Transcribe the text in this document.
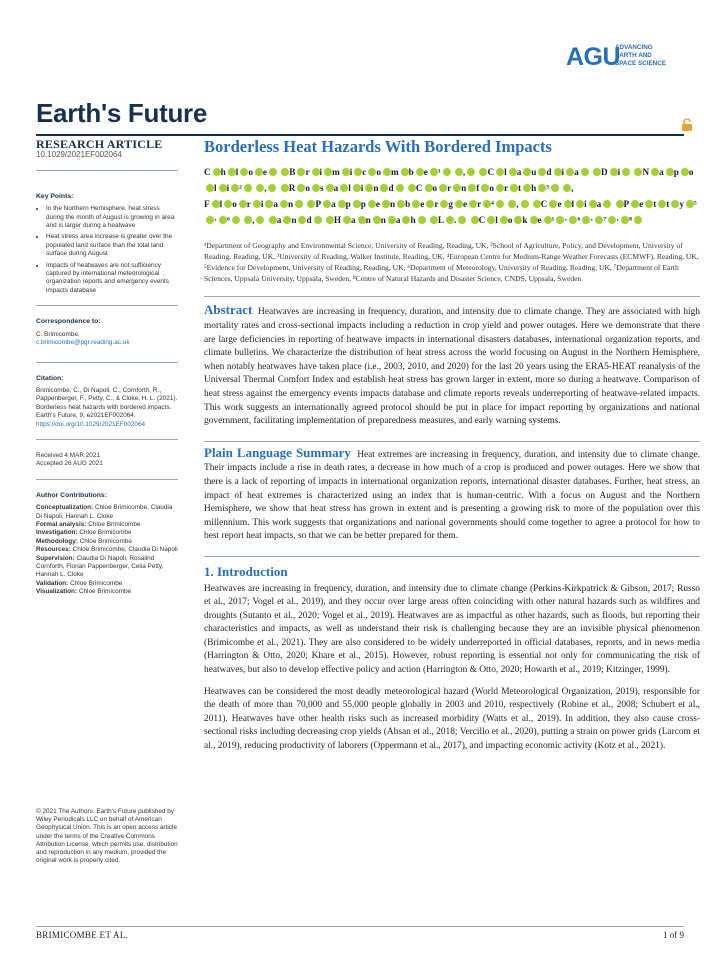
AGU
ADVANCING
EARTH AND
SPACE SCIENCE
Earth's Future
RESEARCH ARTICLE
10.1029/2021EF002064
Key Points:
• In the Northern Hemisphere, heat stress during the month of August is growing in area and is larger during a heatwave
• Heat stress area increase is greater over the populated land surface than the total land surface during August
• Impacts of heatwaves are not sufficiency captured by international meteorological organization reports and emergency events impacts database
Correspondence to:
C. Brimicombe,
c.brimicombe@pgr.reading.ac.uk
Citation:
Brimicombe, C., Di Napoli, C., Cornforth, R., Pappenberger, F., Petty, C., & Cloke, H. L. (2021). Borderless heat hazards with bordered impacts. Earth's Future, 9, e2021EF002064.
https://doi.org/10.1029/2021EF002064
Received 4 MAR 2021
Accepted 26 AUG 2021
Author Contributions:
Conceptualization: Chloe Brimicombe, Claudia Di Napoli, Hannah L. Cloke
Formal analysis: Chloe Brimicombe
Investigation: Chloe Brimicombe
Methodology: Chloe Brimicombe
Resources: Chloe Brimicombe, Claudia Di Napoli
Supervision: Claudia Di Napoli, Rosalind Cornforth, Florian Pappenberger, Celia Petty, Hannah L. Cloke
Validation: Chloe Brimicombe
Visualization: Chloe Brimicombe
© 2021 The Authors. Earth's Future published by Wiley Periodicals LLC on behalf of American Geophysical Union. This is an open access article under the terms of the Creative Commons Attribution License, which permits use, distribution and reproduction in any medium, provided the original work is properly cited.
Borderless Heat Hazards With Bordered Impacts
C h l o e B r i m i c o m b e ¹ , C l a u d i a D i N a p ol i ² , R o s a l i n d C o r n f o r t h ³ ,
F l o r i a n P a p p e n b e r g e r ⁴ , C e l i a P e t t y ⁵· ⁶ , a n d H a n n a h L . C l o k e ¹ · ⁶ · ⁷ · ⁸
¹Department of Geography and Environmental Science, University of Reading, Reading, UK, ²School of Agriculture, Policy, and Development, University of Reading, Reading, UK, ³University of Reading, Walker Institute, Reading, UK, ⁴European Centre for Medium-Range Weather Forecasts (ECMWF), Reading, UK, ⁵Evidence for Development, University of Reading, Reading, UK, ⁶Department of Meteorology, University of Reading, Reading, UK, ⁷Department of Earth Sciences, Uppsala University, Uppsala, Sweden, ⁸Centre of Natural Hazards and Disaster Science, CNDS, Uppsala, Sweden

Abstract Heatwaves are increasing in frequency, duration, and intensity due to climate change. They are associated with high mortality rates and cross-sectional impacts including a reduction in crop yield and power outages. Here we demonstrate that there are large deficiencies in reporting of heatwave impacts in international disasters databases, international organization reports, and climate bulletins. We characterize the distribution of heat stress across the world focusing on August in the Northern Hemisphere, when notably heatwaves have taken place (i.e., 2003, 2010, and 2020) for the last 20 years using the ERA5-HEAT reanalysis of the Universal Thermal Comfort Index and establish heat stress has grown larger in extent, more so during a heatwave. Comparison of heat stress against the emergency events impacts database and climate reports reveals underreporting of heatwave-related impacts. This work suggests an internationally agreed protocol should be put in place for impact reporting by organizations and national government, facilitating implementation of preparedness measures, and early warning systems.

Plain Language Summary Heat extremes are increasing in frequency, duration, and intensity due to climate change. Their impacts include a rise in death rates, a decrease in how much of a crop is produced and power outages. Here we show that there is a lack of reporting of impacts in international organization reports, international disaster databases. Further, heat stress, an impact of heat extremes is characterized using an index that is human-centric. With a focus on August and the Northern Hemisphere, we show that heat stress has grown in extent and is presenting a growing risk to more of the population over this millennium. This work suggests that organizations and national governments should come together to agree a protocol for how to best report heat impacts, so that we can be better prepared for them.

1. Introduction

Heatwaves are increasing in frequency, duration, and intensity due to climate change (Perkins-Kirkpatrick & Gibson, 2017; Russo et al., 2017; Vogel et al., 2019), and they occur over large areas often coinciding with other natural hazards such as wildfires and droughts (Sutanto et al., 2020; Vogel et al., 2019). Heatwaves are as impactful as other hazards, such as floods, but reporting their characteristics and impacts, as well as understand their risk is challenging because they are an invisible physical phenomenon (Brimicombe et al., 2021). They are also considered to be widely underreported in official databases, reports, and in news media (Harrington & Otto, 2020; Khare et al., 2015). However, robust reporting is essential not only for communicating the risk of heatwaves, but also to develop effective policy and action (Harrington & Otto, 2020; Howarth et al., 2019; Kitzinger, 1999).

Heatwaves can be considered the most deadly meteorological hazard (World Meteorological Organization, 2019), responsible for the death of more than 70,000 and 55,000 people globally in 2003 and 2010, respectively (Robine et al., 2008; Schubert et al., 2011). Heatwaves have other health risks such as increased morbidity (Watts et al., 2019). In addition, they also cause cross-sectional risks including decreasing crop yields (Ahsan et al., 2018; Vercillo et al., 2020), putting a strain on power grids (Larcom et al., 2019), reducing productivity of laborers (Oppermann et al., 2017), and impacting economic activity (Kotz et al., 2021).

BRIMICOMBE ET AL.	1 of 9
